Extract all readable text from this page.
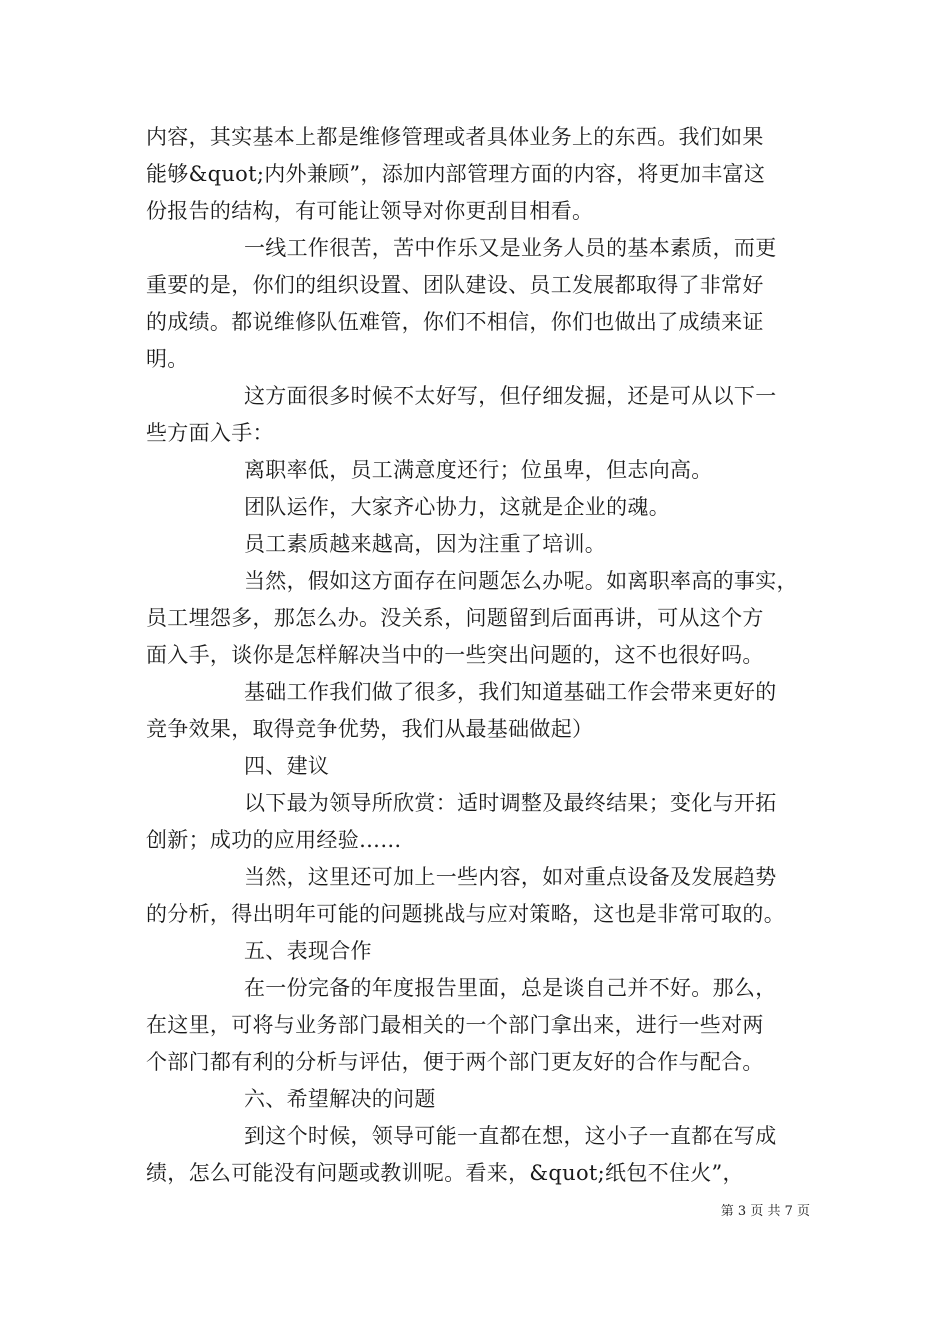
内容，其实基本上都是维修管理或者具体业务上的东西。我们如果
能够&quot;内外兼顾”，添加内部管理方面的内容，将更加丰富这
份报告的结构，有可能让领导对你更刮目相看。
一线工作很苦，苦中作乐又是业务人员的基本素质，而更
重要的是，你们的组织设置、团队建设、员工发展都取得了非常好
的成绩。都说维修队伍难管，你们不相信，你们也做出了成绩来证
明。
这方面很多时候不太好写，但仔细发掘，还是可从以下一
些方面入手：
离职率低，员工满意度还行；位虽卑，但志向高。
团队运作，大家齐心协力，这就是企业的魂。
员工素质越来越高，因为注重了培训。
当然，假如这方面存在问题怎么办呢。如离职率高的事实，
员工埋怨多，那怎么办。没关系，问题留到后面再讲，可从这个方
面入手，谈你是怎样解决当中的一些突出问题的，这不也很好吗。
基础工作我们做了很多，我们知道基础工作会带来更好的
竞争效果，取得竞争优势，我们从最基础做起）
四、建议
以下最为领导所欣赏：适时调整及最终结果；变化与开拓
创新；成功的应用经验……
当然，这里还可加上一些内容，如对重点设备及发展趋势
的分析，得出明年可能的问题挑战与应对策略，这也是非常可取的。
五、表现合作
在一份完备的年度报告里面，总是谈自己并不好。那么，
在这里，可将与业务部门最相关的一个部门拿出来，进行一些对两
个部门都有利的分析与评估，便于两个部门更友好的合作与配合。
六、希望解决的问题
到这个时候，领导可能一直都在想，这小子一直都在写成
绩，怎么可能没有问题或教训呢。看来，&quot;纸包不住火”，
第 3 页 共 7 页
